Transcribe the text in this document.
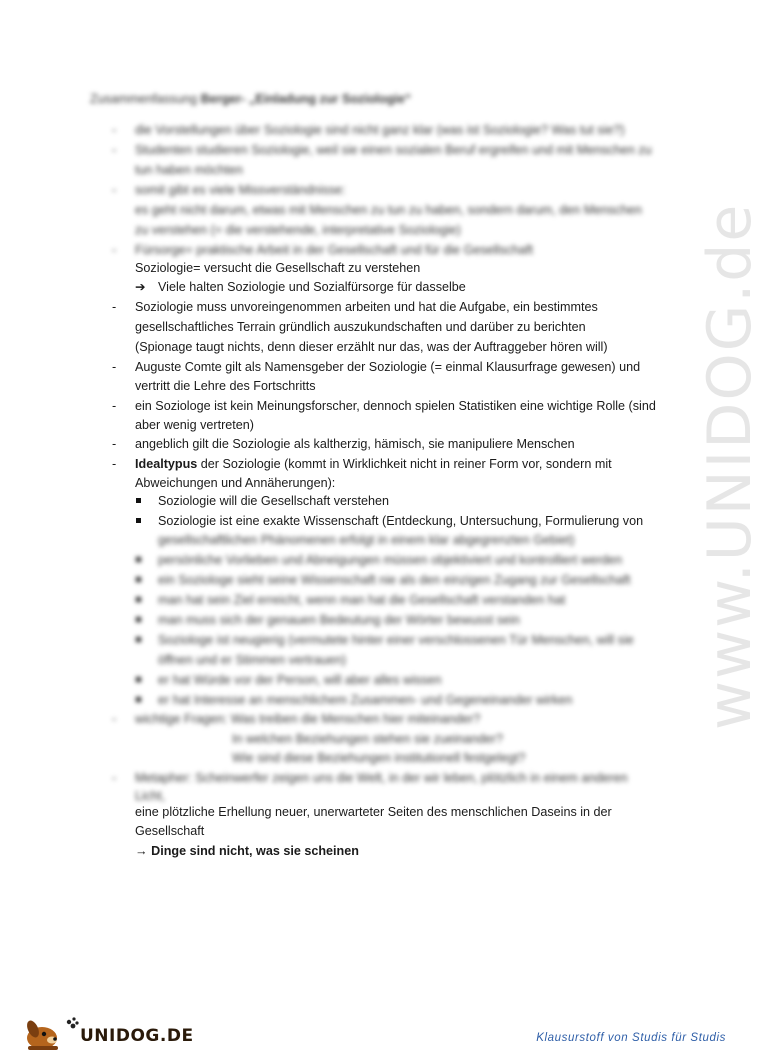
Zusammenfassung Berger- „Einladung zur Soziologie“
- die Vorstellungen über Soziologie sind nicht ganz klar (was ist Soziologie? Was tut sie?)
- Studenten studieren Soziologie, weil sie einen sozialen Beruf ergreifen und mit Menschen zu
tun haben möchten
- somit gibt es viele Missverständnisse:
es geht nicht darum, etwas mit Menschen zu tun zu haben, sondern darum, den Menschen
zu verstehen (= die verstehende, interpretative Soziologie)
- Fürsorge= praktische Arbeit in der Gesellschaft und für die Gesellschaft
Soziologie= versucht die Gesellschaft zu verstehen
➔ Viele halten Soziologie und Sozialfürsorge für dasselbe
- Soziologie muss unvoreingenommen arbeiten und hat die Aufgabe, ein bestimmtes
gesellschaftliches Terrain gründlich auszukundschaften und darüber zu berichten
(Spionage taugt nichts, denn dieser erzählt nur das, was der Auftraggeber hören will)
- Auguste Comte gilt als Namensgeber der Soziologie (= einmal Klausurfrage gewesen) und
vertritt die Lehre des Fortschritts
- ein Soziologe ist kein Meinungsforscher, dennoch spielen Statistiken eine wichtige Rolle (sind
aber wenig vertreten)
- angeblich gilt die Soziologie als kaltherzig, hämisch, sie manipuliere Menschen
- Idealtypus der Soziologie (kommt in Wirklichkeit nicht in reiner Form vor, sondern mit
Abweichungen und Annäherungen):
Soziologie will die Gesellschaft verstehen
Soziologie ist eine exakte Wissenschaft (Entdeckung, Untersuchung, Formulierung von
gesellschaftlichen Phänomenen erfolgt in einem klar abgegrenzten Gebiet)
persönliche Vorlieben und Abneigungen müssen objektiviert und kontrolliert werden
ein Soziologe sieht seine Wissenschaft nie als den einzigen Zugang zur Gesellschaft
man hat sein Ziel erreicht, wenn man hat die Gesellschaft verstanden hat
man muss sich der genauen Bedeutung der Wörter bewusst sein
Soziologe ist neugierig (vermutete hinter einer verschlossenen Tür Menschen, will sie
öffnen und er Stimmen vertrauen)
er hat Würde vor der Person, will aber alles wissen
er hat Interesse an menschlichem Zusammen- und Gegeneinander wirken
- wichtige Fragen: Was treiben die Menschen hier miteinander?
In welchen Beziehungen stehen sie zueinander?
Wie sind diese Beziehungen institutionell festgelegt?
- Metapher: Scheinwerfer zeigen uns die Welt, in der wir leben, plötzlich in einem anderen
Licht,
eine plötzliche Erhellung neuer, unerwarteter Seiten des menschlichen Daseins in der
Gesellschaft
→ Dinge sind nicht, was sie scheinen
www.UNIDOG.de
UNIDOG.DE	Klausurstoff von Studis für Studis
